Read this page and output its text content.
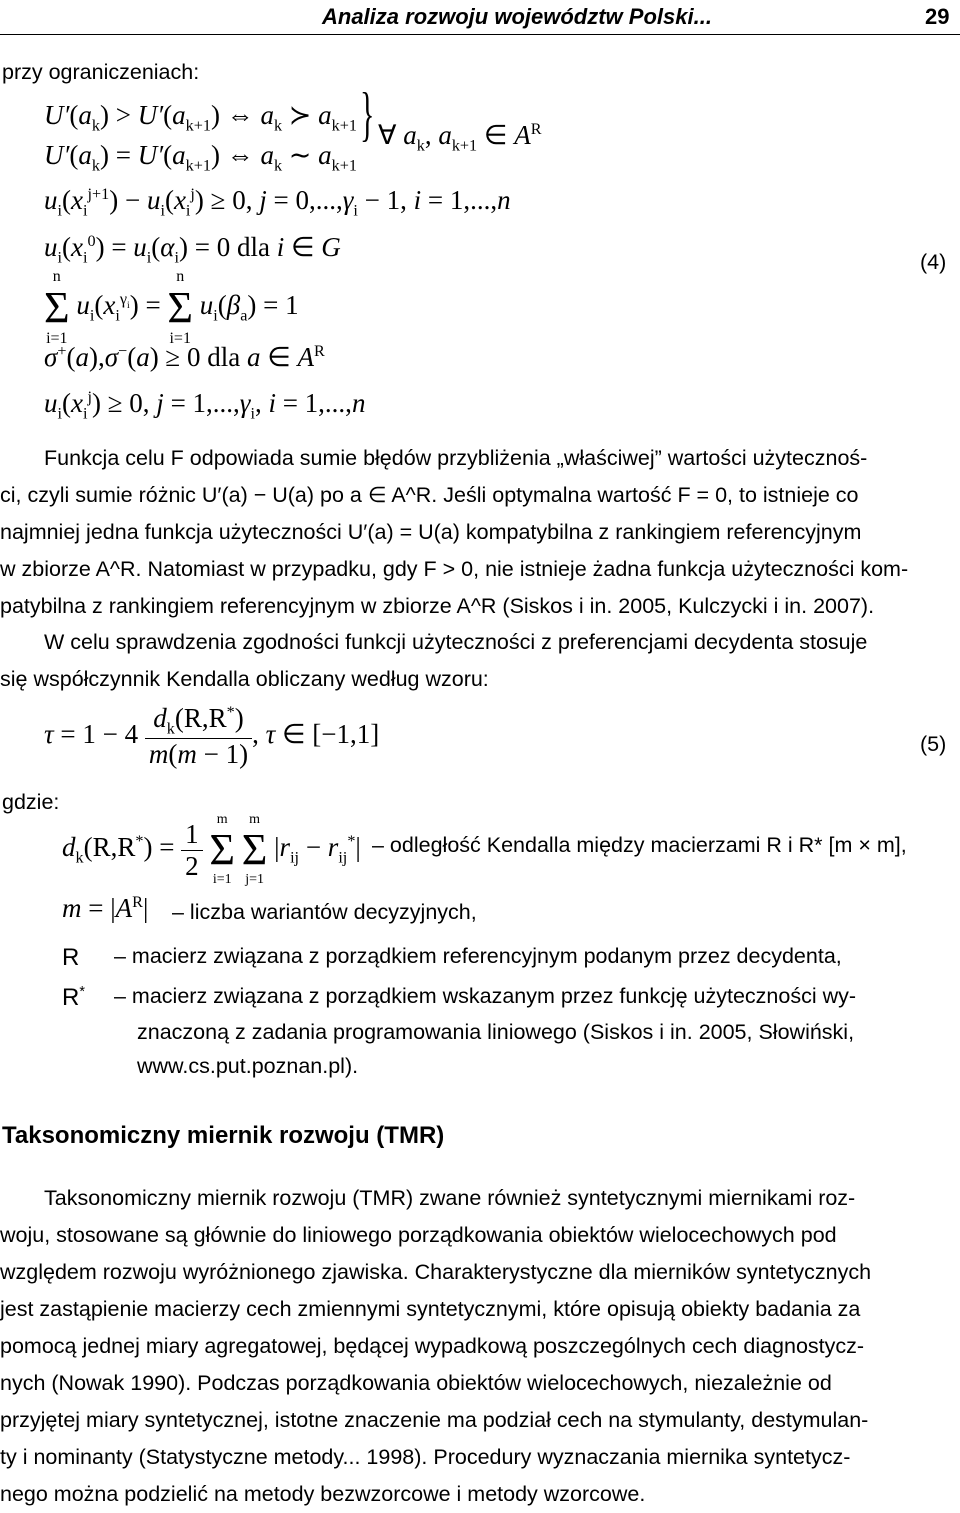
Analiza rozwoju województw Polski...	29
przy ograniczeniach:
$U'(a_k) > U'(a_{k+1})$ ⇔ $a_k$ ≻ $a_{k+1}$
$U'(a_k) = U'(a_{k+1})$ ⇔ $a_k$ ∼ $a_{k+1}$
} ∀ $a_k$, $a_{k+1}$ ∈ $A^R$
$u_i(x_i^{j+1}) - u_i(x_i^j) \ge 0$, $j = 0,...,\gamma_i - 1$, i = 1,...,n
$u_i(x_i^0) = u_i(\alpha_i) = 0$ dla i ∈ G
n
Σ
i=1
$u_i(x_i^{\gamma_i})$ =
n
Σ
i=1
$u_i(\beta_a) = 1$
σ+(a),σ−(a) ≥ 0 dla a ∈ $A^R$
$u_i(x_i^j) \ge 0$, $j = 1,...,\gamma_i$, i = 1,...,n
(4)
Funkcja celu F odpowiada sumie błędów przybliżenia „właściwej” wartości użytecznoś-
ci, czyli sumie różnic U′(a) − U(a) po a ∈ A^R. Jeśli optymalna wartość F = 0, to istnieje co
najmniej jedna funkcja użyteczności U′(a) = U(a) kompatybilna z rankingiem referencyjnym
w zbiorze A^R. Natomiast w przypadku, gdy F > 0, nie istnieje żadna funkcja użyteczności kom-
patybilna z rankingiem referencyjnym w zbiorze A^R (Siskos i in. 2005, Kulczycki i in. 2007).
W celu sprawdzenia zgodności funkcji użyteczności z preferencjami decydenta stosuje
się współczynnik Kendalla obliczany według wzoru:
$\tau = 1 - 4 \frac{d_k(R,R^*)}{m(m - 1)}$ , τ ∈ [−1,1]	(5)
gdzie:
$d_k(R,R^*) = \frac{1}{2}$
	m
Σ
i=1

m
Σ
j=1
$|r_{ij} - r_{ij}^*|$ – odległość Kendalla między macierzami R i R* [m × m],
$m = |A^R|$ – liczba wariantów decyzyjnych,
R – macierz związana z porządkiem referencyjnym podanym przez decydenta,
R* – macierz związana z porządkiem wskazanym przez funkcję użyteczności wy-
znaczoną z zadania programowania liniowego (Siskos i in. 2005, Słowiński,
www.cs.put.poznan.pl).
Taksonomiczny miernik rozwoju (TMR)
Taksonomiczny miernik rozwoju (TMR) zwane również syntetycznymi miernikami roz-
woju, stosowane są głównie do liniowego porządkowania obiektów wielocechowych pod
względem rozwoju wyróżnionego zjawiska. Charakterystyczne dla mierników syntetycznych
jest zastąpienie macierzy cech zmiennymi syntetycznymi, które opisują obiekty badania za
pomocą jednej miary agregatowej, będącej wypadkową poszczególnych cech diagnostycz-
nych (Nowak 1990). Podczas porządkowania obiektów wielocechowych, niezależnie od
przyjętej miary syntetycznej, istotne znaczenie ma podział cech na stymulanty, destymulan-
ty i nominanty (Statystyczne metody... 1998). Procedury wyznaczania miernika syntetycz-
nego można podzielić na metody bezwzorcowe i metody wzorcowe.
